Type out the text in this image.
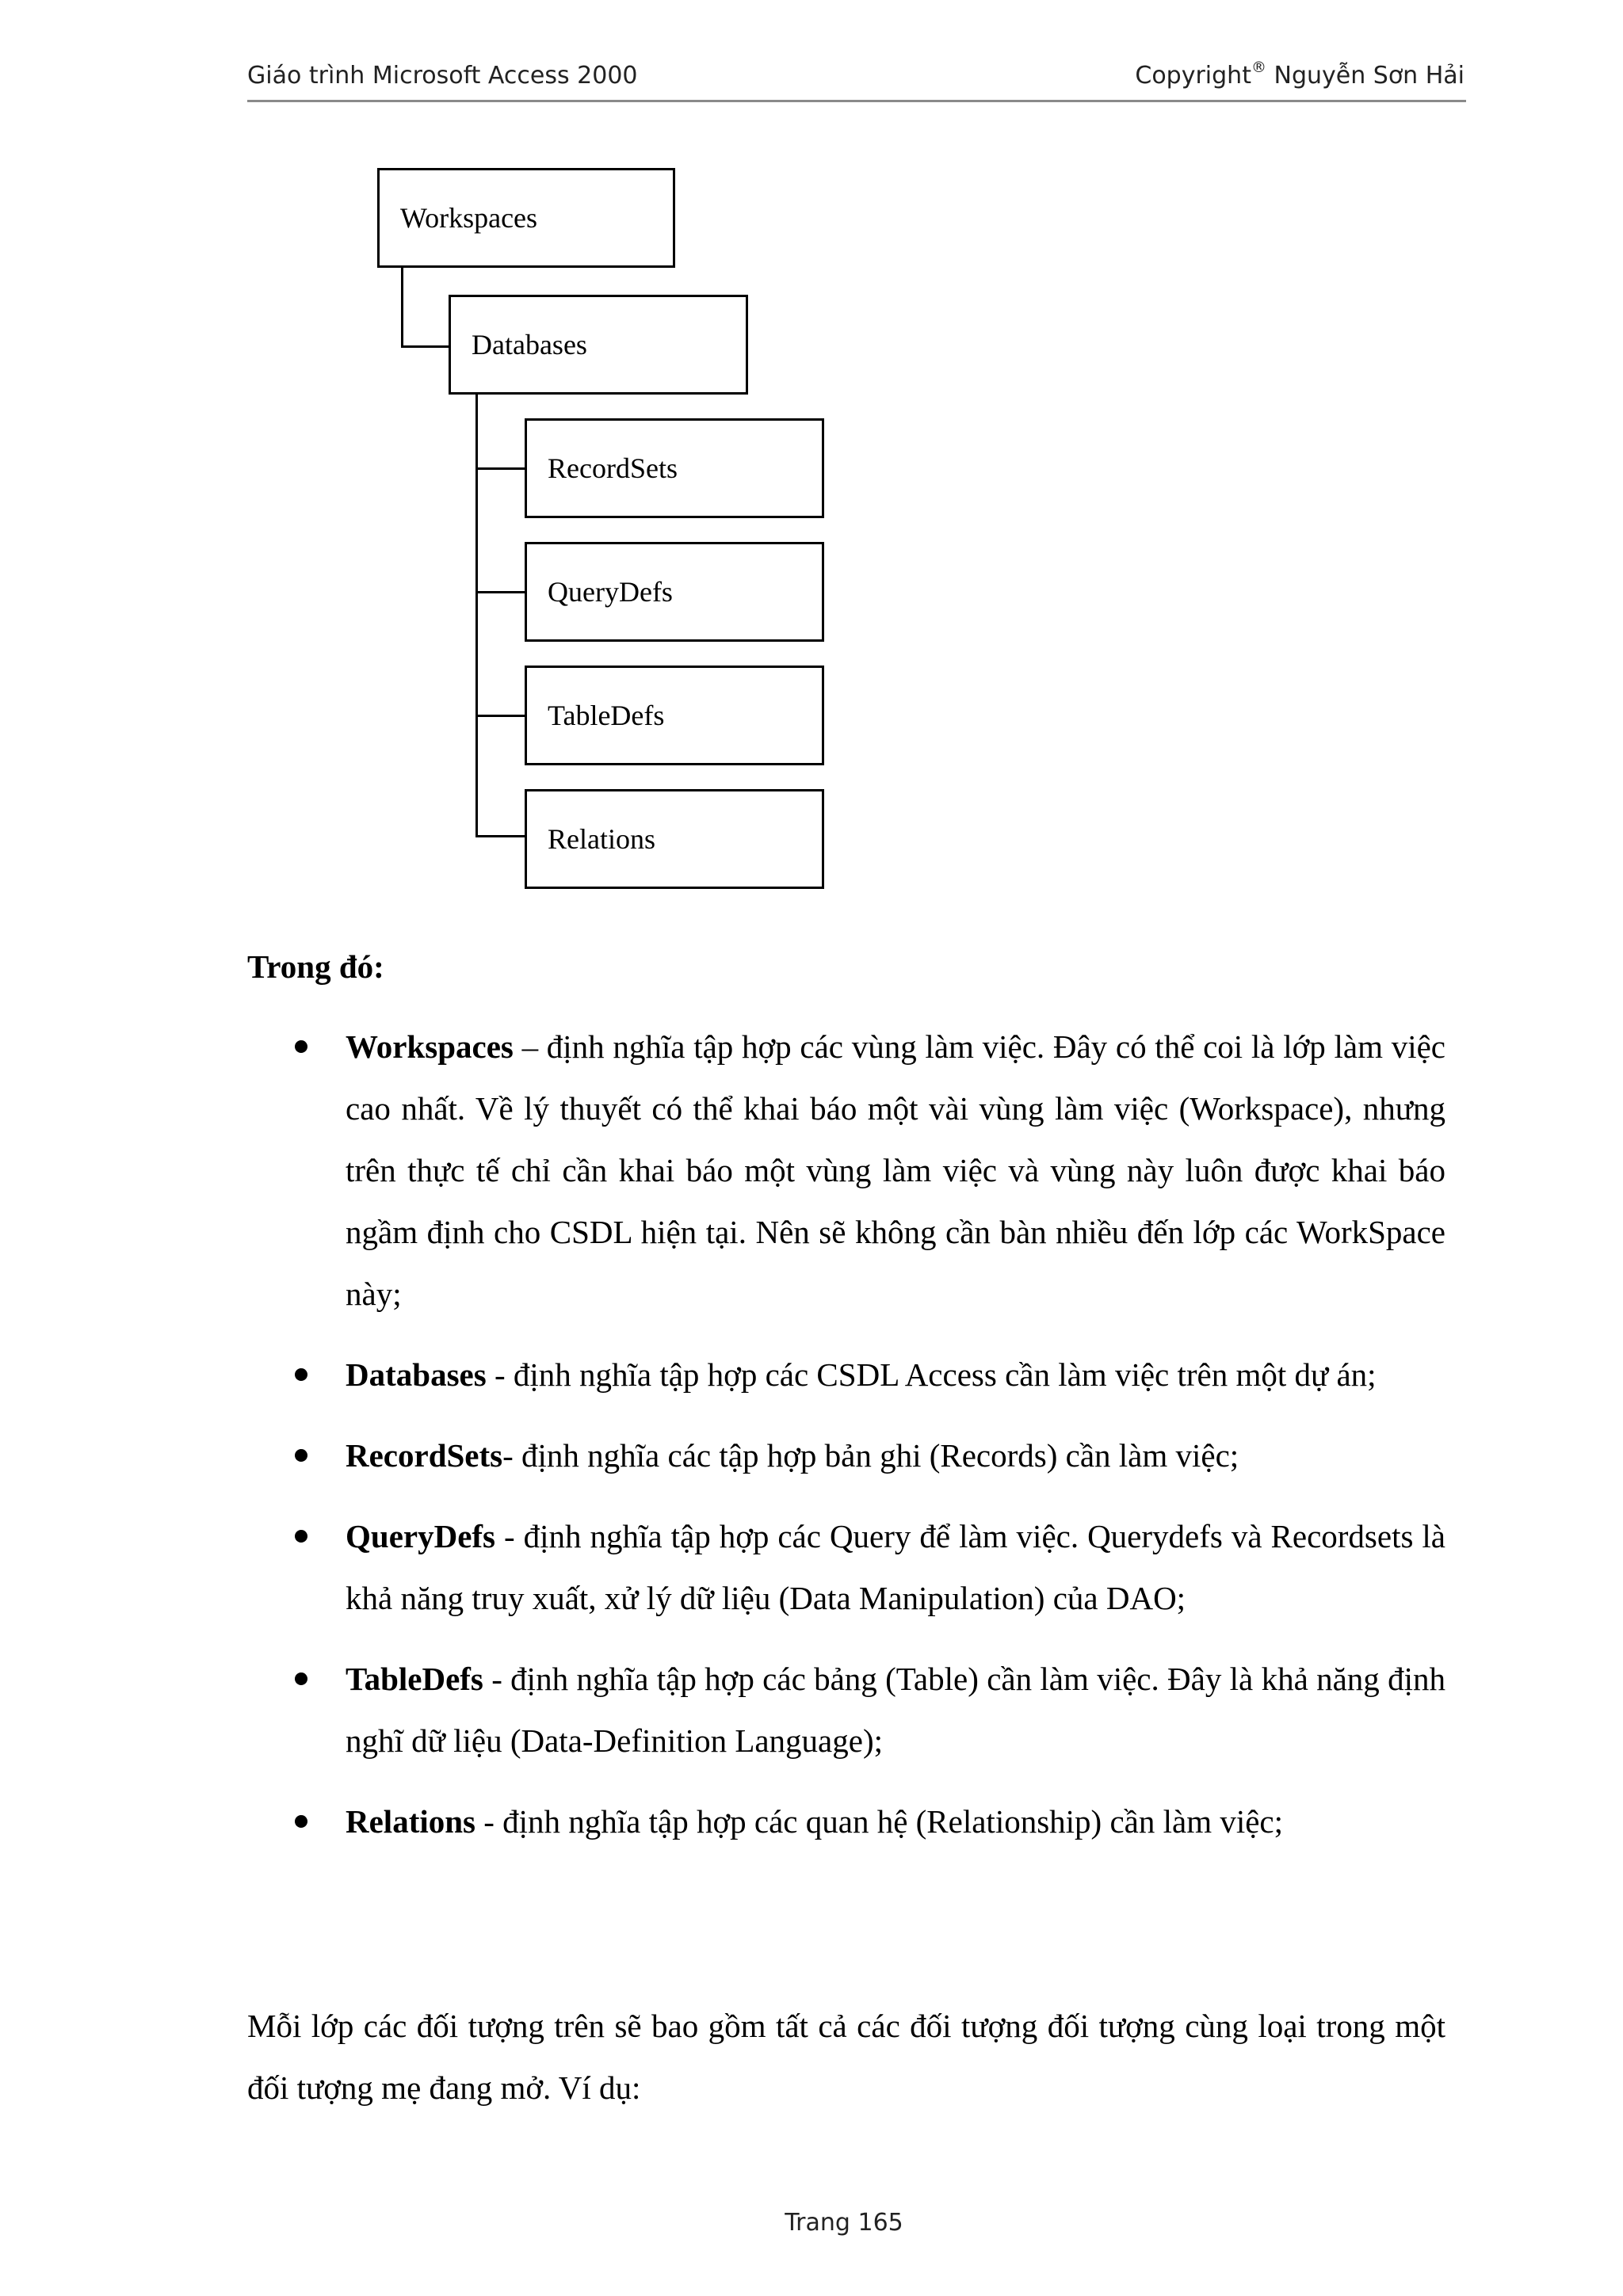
Giáo trình Microsoft Access 2000	Copyright® Nguyễn Sơn Hải
Workspaces
Databases
RecordSets
QueryDefs
TableDefs
Relations
Trong đó:
Workspaces – định nghĩa tập hợp các vùng làm việc. Đây có thể coi là lớp làm việc cao nhất. Về lý thuyết có thể khai báo một vài vùng làm việc (Workspace), nhưng trên thực tế chỉ cần khai báo một vùng làm việc và vùng này luôn được khai báo ngầm định cho CSDL hiện tại. Nên sẽ không cần bàn nhiều đến lớp các WorkSpace này;
Databases - định nghĩa tập hợp các CSDL Access cần làm việc trên một dự án;
RecordSets- định nghĩa các tập hợp bản ghi (Records) cần làm việc;
QueryDefs - định nghĩa tập hợp các Query để làm việc. Querydefs và Recordsets là khả năng truy xuất, xử lý dữ liệu (Data Manipulation) của DAO;
TableDefs - định nghĩa tập hợp các bảng (Table) cần làm việc. Đây là khả năng định nghĩ dữ liệu (Data-Definition Language);
Relations - định nghĩa tập hợp các quan hệ (Relationship) cần làm việc;
Mỗi lớp các đối tượng trên sẽ bao gồm tất cả các đối tượng đối tượng cùng loại trong một đối tượng mẹ đang mở. Ví dụ:
Trang 165
